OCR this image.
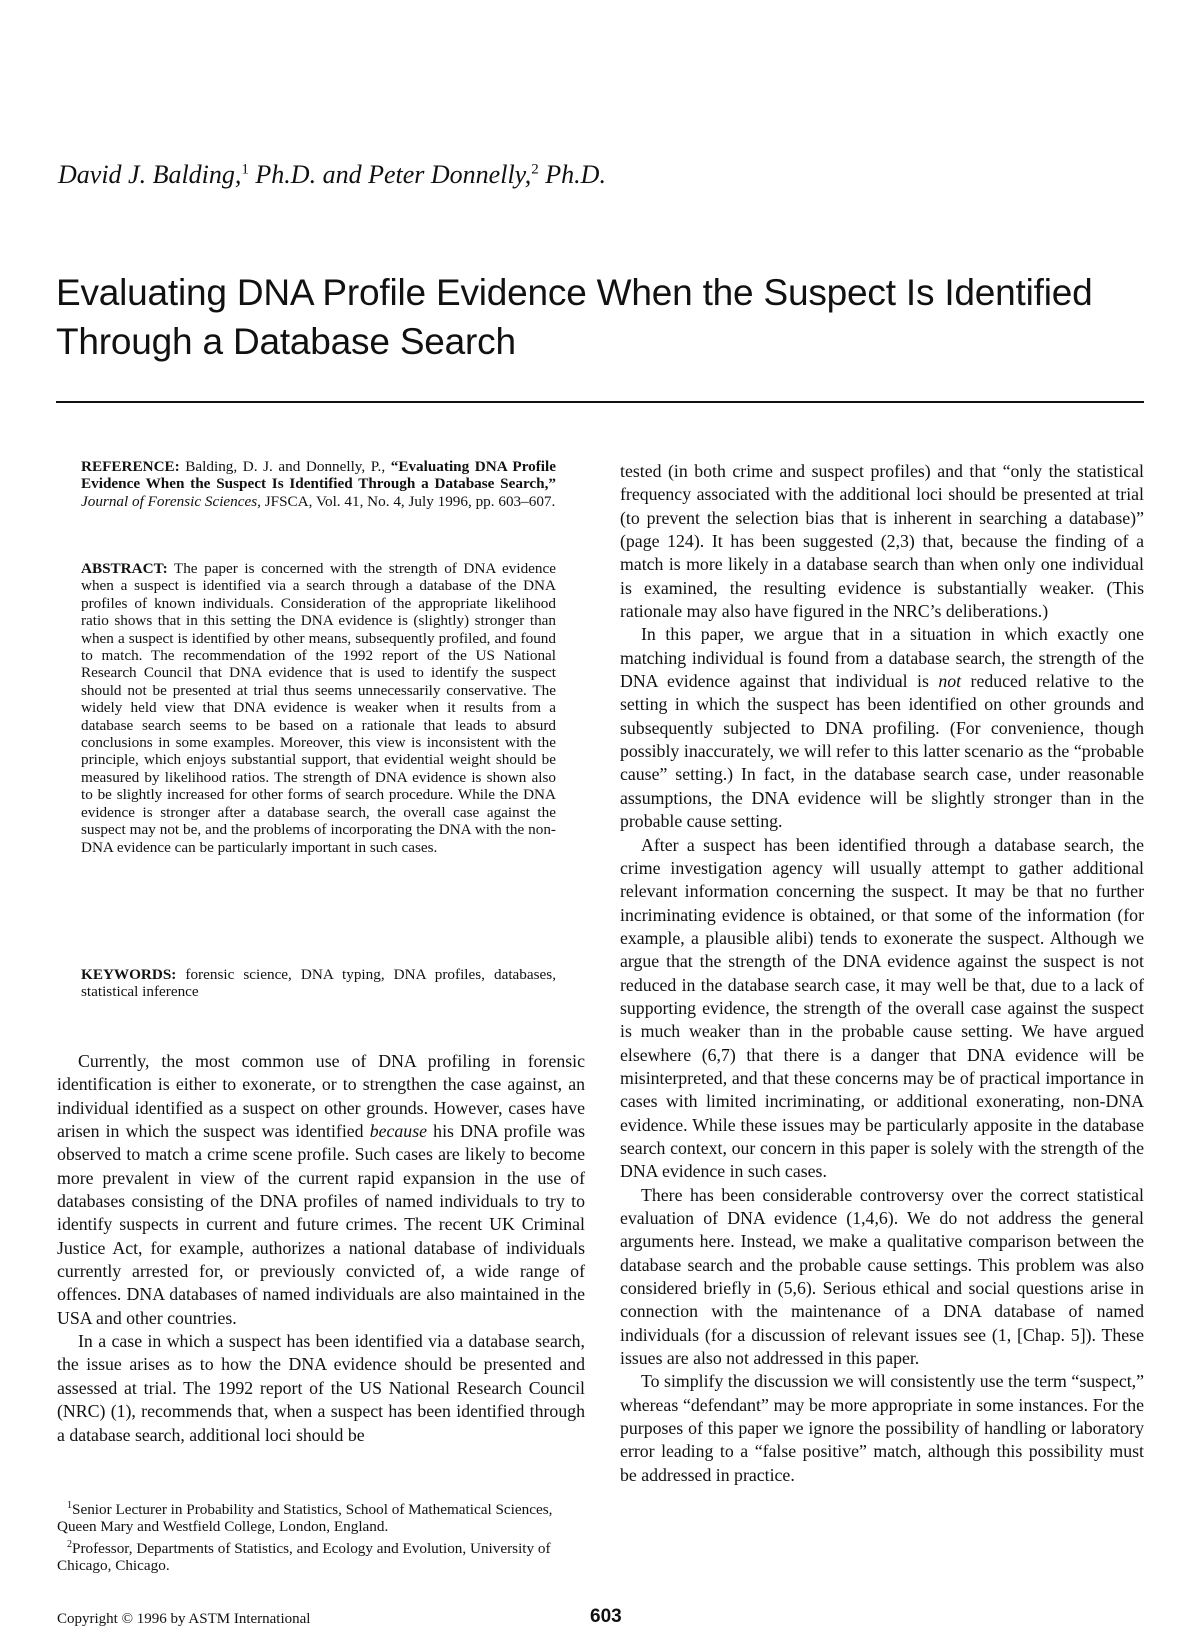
David J. Balding,$^1$ Ph.D. and Peter Donnelly,$^2$ Ph.D.
Evaluating DNA Profile Evidence When the Suspect Is Identified Through a Database Search
REFERENCE: Balding, D. J. and Donnelly, P., “Evaluating DNA Profile Evidence When the Suspect Is Identified Through a Database Search,” Journal of Forensic Sciences, JFSCA, Vol. 41, No. 4, July 1996, pp. 603–607.
ABSTRACT: The paper is concerned with the strength of DNA evidence when a suspect is identified via a search through a database of the DNA profiles of known individuals. Consideration of the appropriate likelihood ratio shows that in this setting the DNA evidence is (slightly) stronger than when a suspect is identified by other means, subsequently profiled, and found to match. The recommendation of the 1992 report of the US National Research Council that DNA evidence that is used to identify the suspect should not be presented at trial thus seems unnecessarily conservative. The widely held view that DNA evidence is weaker when it results from a database search seems to be based on a rationale that leads to absurd conclusions in some examples. Moreover, this view is inconsistent with the principle, which enjoys substantial support, that evidential weight should be measured by likelihood ratios. The strength of DNA evidence is shown also to be slightly increased for other forms of search procedure. While the DNA evidence is stronger after a database search, the overall case against the suspect may not be, and the problems of incorporating the DNA with the non-DNA evidence can be particularly important in such cases.
KEYWORDS: forensic science, DNA typing, DNA profiles, databases, statistical inference

Currently, the most common use of DNA profiling in forensic identification is either to exonerate, or to strengthen the case against, an individual identified as a suspect on other grounds. However, cases have arisen in which the suspect was identified because his DNA profile was observed to match a crime scene profile. Such cases are likely to become more prevalent in view of the current rapid expansion in the use of databases consisting of the DNA profiles of named individuals to try to identify suspects in current and future crimes. The recent UK Criminal Justice Act, for example, authorizes a national database of individuals currently arrested for, or previously convicted of, a wide range of offences. DNA databases of named individuals are also maintained in the USA and other countries.

In a case in which a suspect has been identified via a database search, the issue arises as to how the DNA evidence should be presented and assessed at trial. The 1992 report of the US National Research Council (NRC) (1), recommends that, when a suspect has been identified through a database search, additional loci should be

tested (in both crime and suspect profiles) and that “only the statistical frequency associated with the additional loci should be presented at trial (to prevent the selection bias that is inherent in searching a database)” (page 124). It has been suggested (2,3) that, because the finding of a match is more likely in a database search than when only one individual is examined, the resulting evidence is substantially weaker. (This rationale may also have figured in the NRC’s deliberations.)

In this paper, we argue that in a situation in which exactly one matching individual is found from a database search, the strength of the DNA evidence against that individual is not reduced relative to the setting in which the suspect has been identified on other grounds and subsequently subjected to DNA profiling. (For convenience, though possibly inaccurately, we will refer to this latter scenario as the “probable cause” setting.) In fact, in the database search case, under reasonable assumptions, the DNA evidence will be slightly stronger than in the probable cause setting.

After a suspect has been identified through a database search, the crime investigation agency will usually attempt to gather additional relevant information concerning the suspect. It may be that no further incriminating evidence is obtained, or that some of the information (for example, a plausible alibi) tends to exonerate the suspect. Although we argue that the strength of the DNA evidence against the suspect is not reduced in the database search case, it may well be that, due to a lack of supporting evidence, the strength of the overall case against the suspect is much weaker than in the probable cause setting. We have argued elsewhere (6,7) that there is a danger that DNA evidence will be misinterpreted, and that these concerns may be of practical importance in cases with limited incriminating, or additional exonerating, non-DNA evidence. While these issues may be particularly apposite in the database search context, our concern in this paper is solely with the strength of the DNA evidence in such cases.

There has been considerable controversy over the correct statistical evaluation of DNA evidence (1,4,6). We do not address the general arguments here. Instead, we make a qualitative comparison between the database search and the probable cause settings. This problem was also considered briefly in (5,6). Serious ethical and social questions arise in connection with the maintenance of a DNA database of named individuals (for a discussion of relevant issues see (1, [Chap. 5]). These issues are also not addressed in this paper.

To simplify the discussion we will consistently use the term “suspect,” whereas “defendant” may be more appropriate in some instances. For the purposes of this paper we ignore the possibility of handling or laboratory error leading to a “false positive” match, although this possibility must be addressed in practice.

$^1$Senior Lecturer in Probability and Statistics, School of Mathematical Sciences, Queen Mary and Westfield College, London, England.

$^2$Professor, Departments of Statistics, and Ecology and Evolution, University of Chicago, Chicago.

Copyright © 1996 by ASTM International	603
